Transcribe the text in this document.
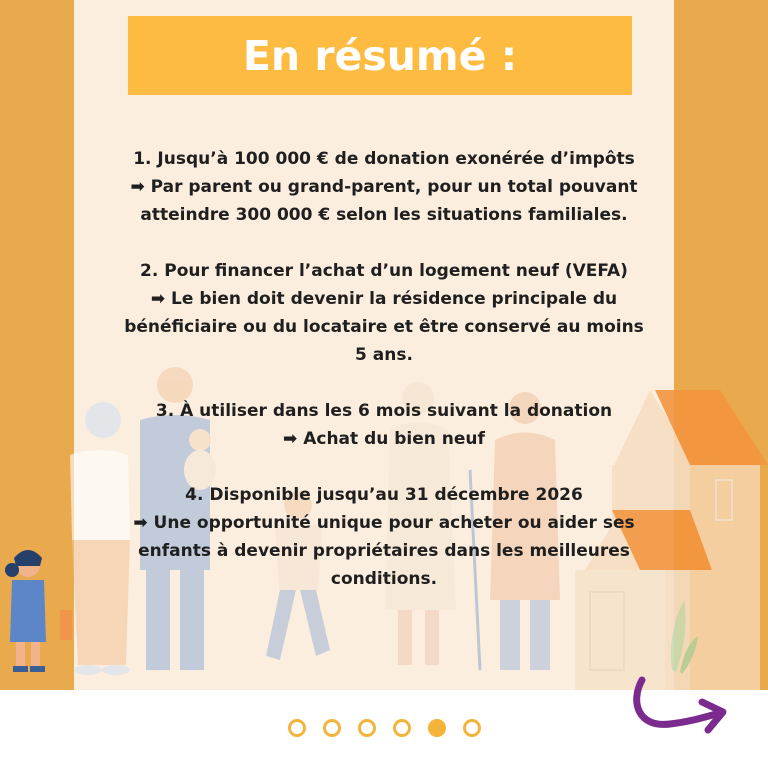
En résumé :

1. Jusqu’à 100 000 € de donation exonérée d’impôts

➡ Par parent ou grand-parent, pour un total pouvant

atteindre 300 000 € selon les situations familiales.

2. Pour financer l’achat d’un logement neuf (VEFA)

➡ Le bien doit devenir la résidence principale du

bénéficiaire ou du locataire et être conservé au moins

5 ans.

3. À utiliser dans les 6 mois suivant la donation

➡ Achat du bien neuf

4. Disponible jusqu’au 31 décembre 2026

➡ Une opportunité unique pour acheter ou aider ses

enfants à devenir propriétaires dans les meilleures

conditions.
